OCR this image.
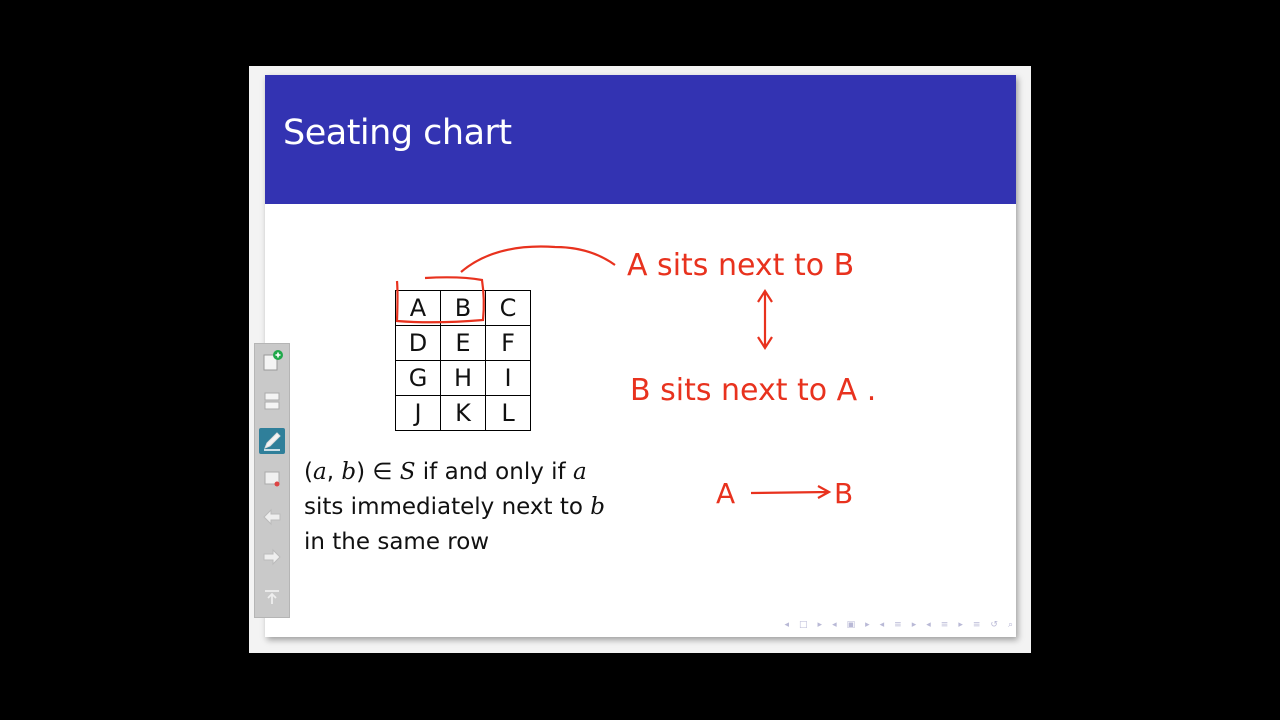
Seating chart
A	B	C
D	E	F
G	H	I
J	K	L
(a, b) ∈ S if and only if a
sits immediately next to b
in the same row
A sits next to B
B sits next to A .
A	B
◂ □ ▸ ◂ ▣ ▸ ◂ ≡ ▸ ◂ ≡ ▸ ≡ ↺ ⌕
